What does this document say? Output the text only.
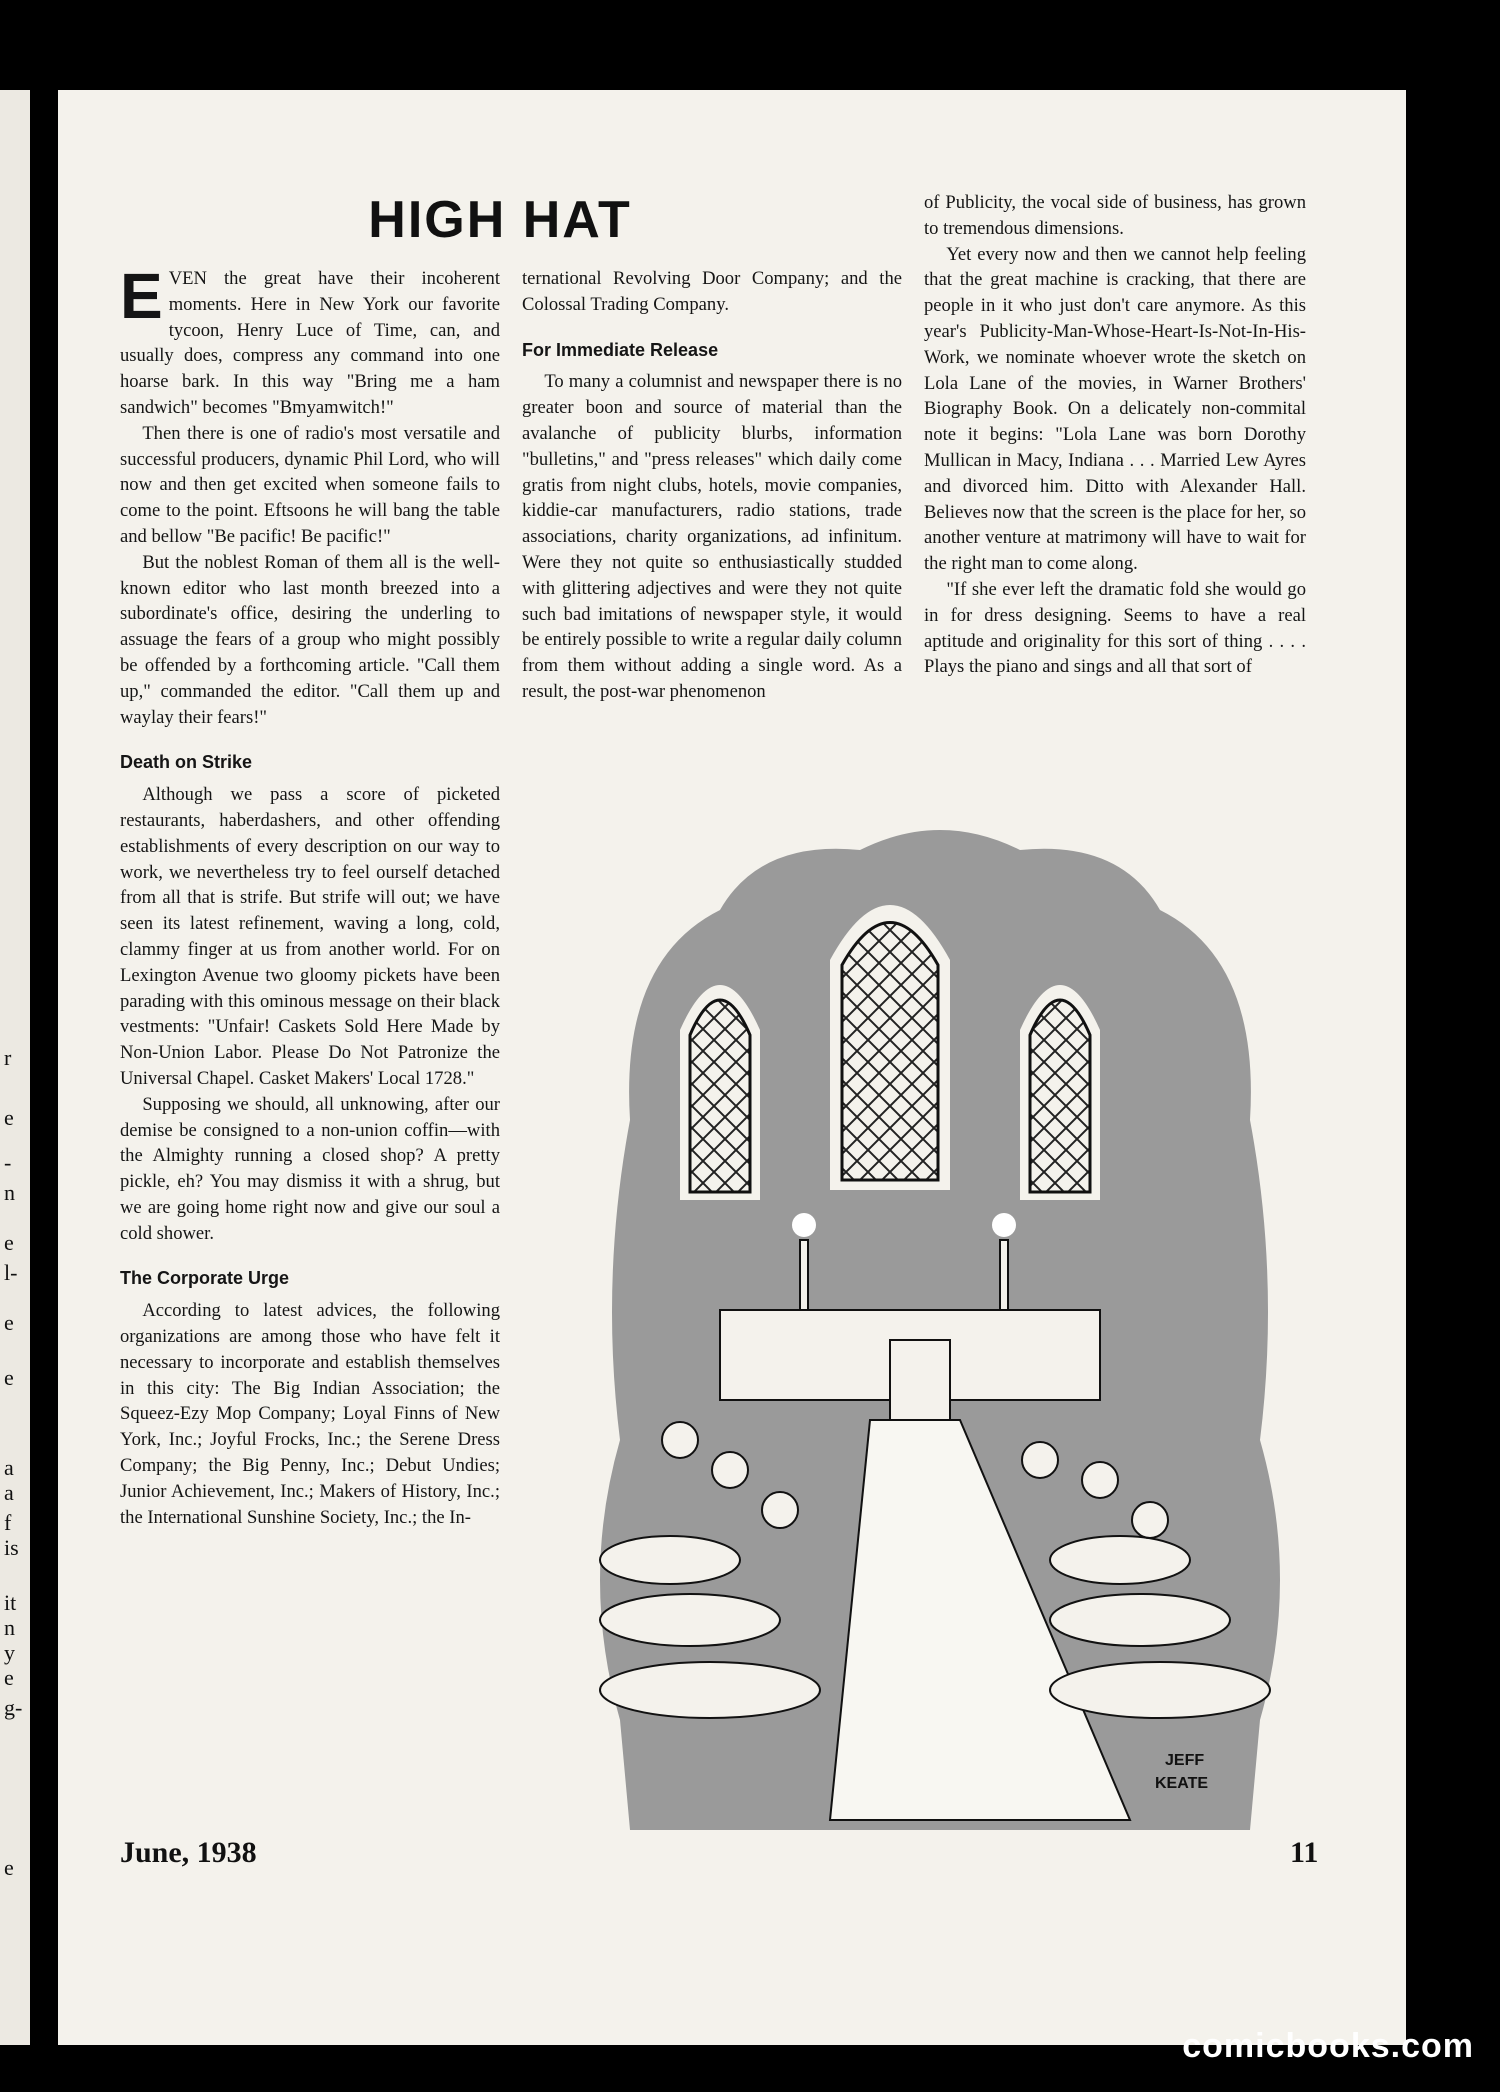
r
e
-
n
e
l-
e
e
a
a
f
is
it
n
y
e
g-
e
HIGH HAT

EVEN the great have their incoherent moments. Here in New York our favorite tycoon, Henry Luce of Time, can, and usually does, compress any command into one hoarse bark. In this way "Bring me a ham sandwich" becomes "Bmyamwitch!"

Then there is one of radio's most versatile and successful producers, dynamic Phil Lord, who will now and then get excited when someone fails to come to the point. Eftsoons he will bang the table and bellow "Be pacific! Be pacific!"

But the noblest Roman of them all is the well-known editor who last month breezed into a subordinate's office, desiring the underling to assuage the fears of a group who might possibly be offended by a forthcoming article. "Call them up," commanded the editor. "Call them up and waylay their fears!"

Death on Strike

Although we pass a score of picketed restaurants, haberdashers, and other offending establishments of every description on our way to work, we nevertheless try to feel ourself detached from all that is strife. But strife will out; we have seen its latest refinement, waving a long, cold, clammy finger at us from another world. For on Lexington Avenue two gloomy pickets have been parading with this ominous message on their black vestments: "Unfair! Caskets Sold Here Made by Non-Union Labor. Please Do Not Patronize the Universal Chapel. Casket Makers' Local 1728."

Supposing we should, all unknowing, after our demise be consigned to a non-union coffin—with the Almighty running a closed shop? A pretty pickle, eh? You may dismiss it with a shrug, but we are going home right now and give our soul a cold shower.

The Corporate Urge

According to latest advices, the following organizations are among those who have felt it necessary to incorporate and establish themselves in this city: The Big Indian Association; the Squeez-Ezy Mop Company; Loyal Finns of New York, Inc.; Joyful Frocks, Inc.; the Serene Dress Company; the Big Penny, Inc.; Debut Undies; Junior Achievement, Inc.; Makers of History, Inc.; the International Sunshine Society, Inc.; the In-

ternational Revolving Door Company; and the Colossal Trading Company.

For Immediate Release

To many a columnist and newspaper there is no greater boon and source of material than the avalanche of publicity blurbs, information "bulletins," and "press releases" which daily come gratis from night clubs, hotels, movie companies, kiddie-car manufacturers, radio stations, trade associations, charity organizations, ad infinitum. Were they not quite so enthusiastically studded with glittering adjectives and were they not quite such bad imitations of newspaper style, it would be entirely possible to write a regular daily column from them without adding a single word. As a result, the post-war phenomenon

of Publicity, the vocal side of business, has grown to tremendous dimensions.

Yet every now and then we cannot help feeling that the great machine is cracking, that there are people in it who just don't care anymore. As this year's Publicity-Man-Whose-Heart-Is-Not-In-His-Work, we nominate whoever wrote the sketch on Lola Lane of the movies, in Warner Brothers' Biography Book. On a delicately non-commital note it begins: "Lola Lane was born Dorothy Mullican in Macy, Indiana . . . Married Lew Ayres and divorced him. Ditto with Alexander Hall. Believes now that the screen is the place for her, so another venture at matrimony will have to wait for the right man to come along.

"If she ever left the dramatic fold she would go in for dress designing. Seems to have a real aptitude and originality for this sort of thing . . . . Plays the piano and sings and all that sort of

JEFF
KEATE
June, 1938	11
comicbooks.com
